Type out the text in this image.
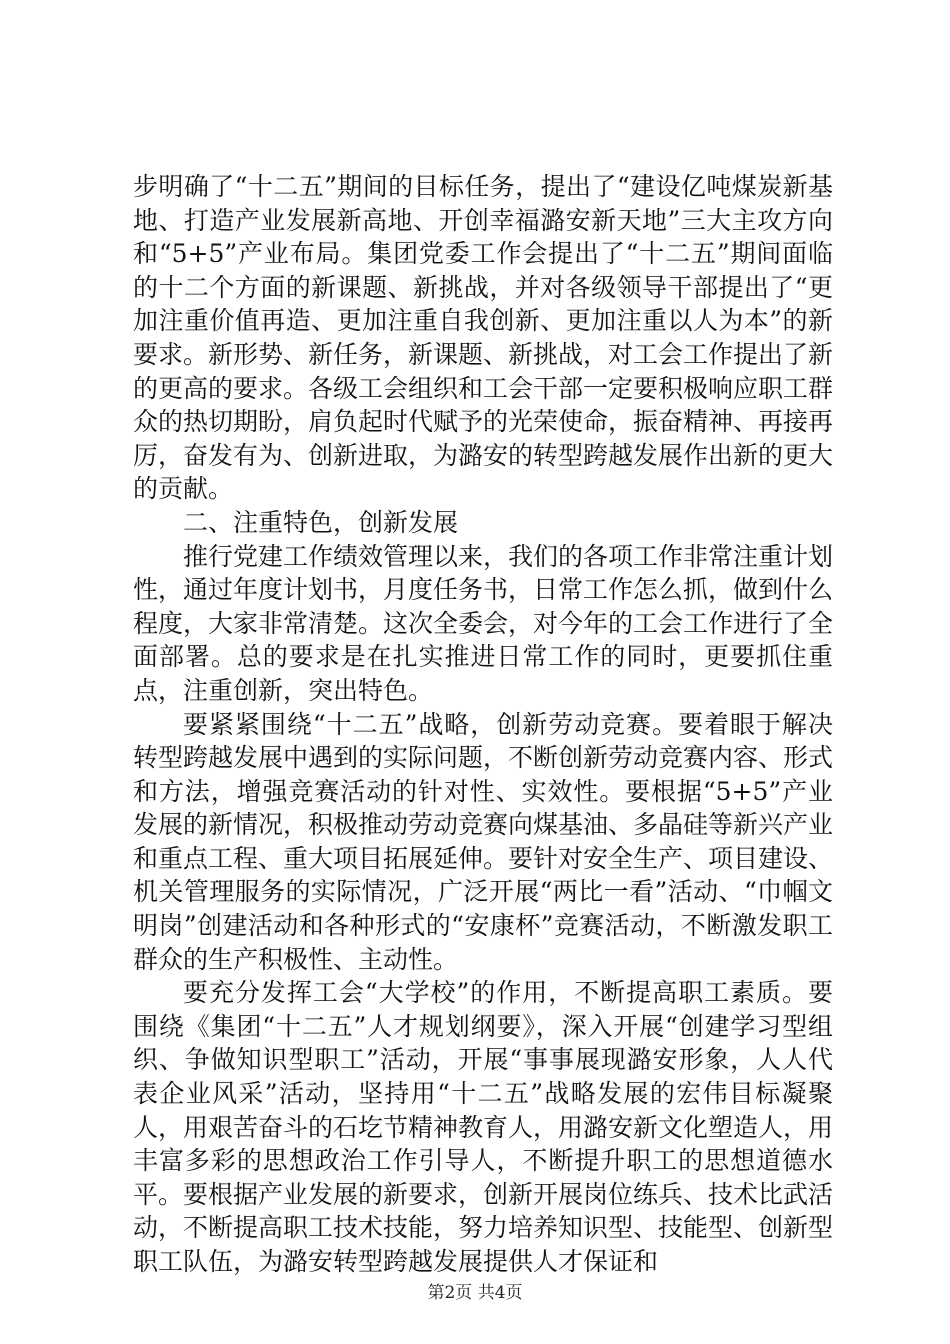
步明确了“十二五”期间的目标任务，提出了“建设亿吨煤炭新基地、打造产业发展新高地、开创幸福潞安新天地”三大主攻方向和“5+5”产业布局。集团党委工作会提出了“十二五”期间面临的十二个方面的新课题、新挑战，并对各级领导干部提出了“更加注重价值再造、更加注重自我创新、更加注重以人为本”的新要求。新形势、新任务，新课题、新挑战，对工会工作提出了新的更高的要求。各级工会组织和工会干部一定要积极响应职工群众的热切期盼，肩负起时代赋予的光荣使命，振奋精神、再接再厉，奋发有为、创新进取，为潞安的转型跨越发展作出新的更大的贡献。

二、注重特色，创新发展

推行党建工作绩效管理以来，我们的各项工作非常注重计划性，通过年度计划书，月度任务书，日常工作怎么抓，做到什么程度，大家非常清楚。这次全委会，对今年的工会工作进行了全面部署。总的要求是在扎实推进日常工作的同时，更要抓住重点，注重创新，突出特色。

要紧紧围绕“十二五”战略，创新劳动竞赛。要着眼于解决转型跨越发展中遇到的实际问题，不断创新劳动竞赛内容、形式和方法，增强竞赛活动的针对性、实效性。要根据“5+5”产业发展的新情况，积极推动劳动竞赛向煤基油、多晶硅等新兴产业和重点工程、重大项目拓展延伸。要针对安全生产、项目建设、机关管理服务的实际情况，广泛开展“两比一看”活动、“巾帼文明岗”创建活动和各种形式的“安康杯”竞赛活动，不断激发职工群众的生产积极性、主动性。

要充分发挥工会“大学校”的作用，不断提高职工素质。要围绕《集团“十二五”人才规划纲要》，深入开展“创建学习型组织、争做知识型职工”活动，开展“事事展现潞安形象，人人代表企业风采”活动，坚持用“十二五”战略发展的宏伟目标凝聚人，用艰苦奋斗的石圪节精神教育人，用潞安新文化塑造人，用丰富多彩的思想政治工作引导人，不断提升职工的思想道德水平。要根据产业发展的新要求，创新开展岗位练兵、技术比武活动，不断提高职工技术技能，努力培养知识型、技能型、创新型职工队伍，为潞安转型跨越发展提供人才保证和

第2页 共4页
